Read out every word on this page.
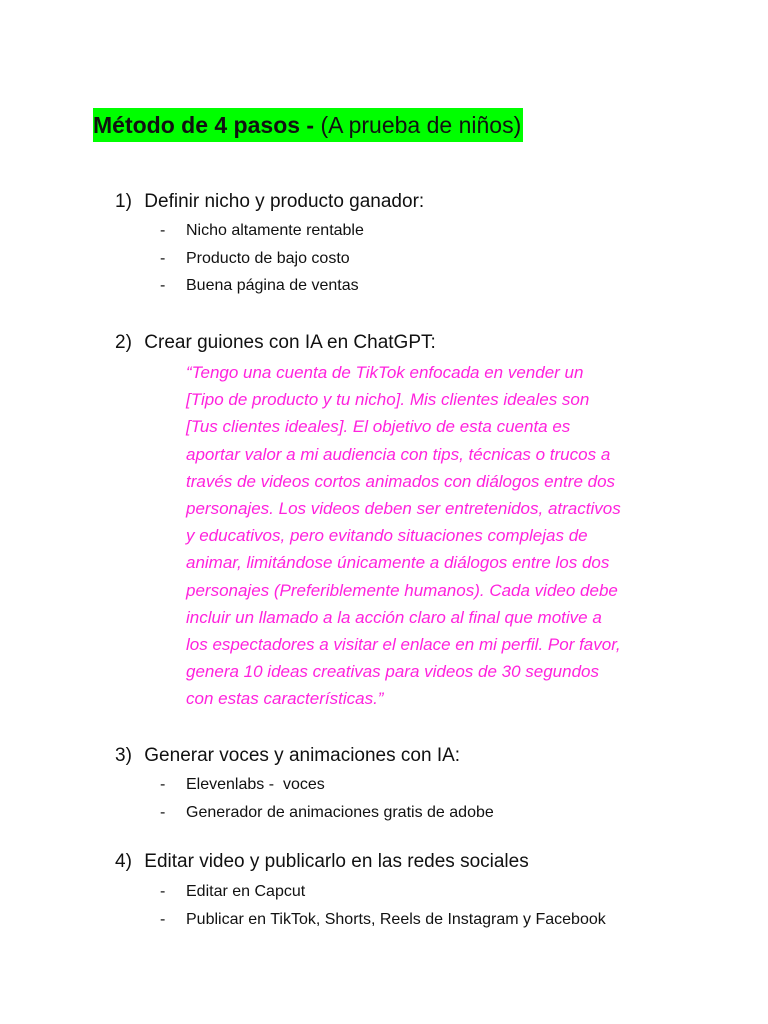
Método de 4 pasos - (A prueba de niños)
1) Definir nicho y producto ganador:
- Nicho altamente rentable
- Producto de bajo costo
- Buena página de ventas
2) Crear guiones con IA en ChatGPT:

“Tengo una cuenta de TikTok enfocada en vender un
[Tipo de producto y tu nicho]. Mis clientes ideales son
[Tus clientes ideales]. El objetivo de esta cuenta es
aportar valor a mi audiencia con tips, técnicas o trucos a
través de videos cortos animados con diálogos entre dos
personajes. Los videos deben ser entretenidos, atractivos
y educativos, pero evitando situaciones complejas de
animar, limitándose únicamente a diálogos entre los dos
personajes (Preferiblemente humanos). Cada video debe
incluir un llamado a la acción claro al final que motive a
los espectadores a visitar el enlace en mi perfil. Por favor,
genera 10 ideas creativas para videos de 30 segundos
con estas características.”

3) Generar voces y animaciones con IA:
- Elevenlabs -  voces
- Generador de animaciones gratis de adobe
4) Editar video y publicarlo en las redes sociales
- Editar en Capcut
- Publicar en TikTok, Shorts, Reels de Instagram y Facebook
